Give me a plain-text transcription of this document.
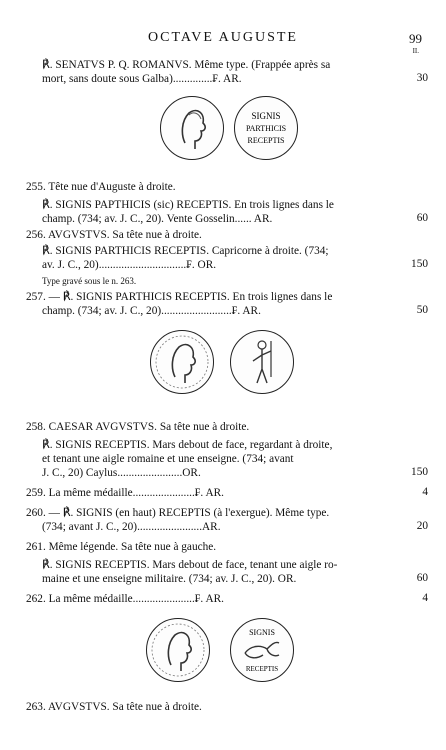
OCTAVE AUGUSTE	99
II.
℟. SENATVS P. Q. ROMANVS. Même type. (Frappée après sa
mort, sans doute sous Galba)..............₣. AR.	30
SIGNIS
PARTHICIS
RECEPTIS
255. Tête nue d'Auguste à droite.
℟. SIGNIS PAPTHICIS (sic) RECEPTIS. En trois lignes dans le
champ. (734; av. J. C., 20). Vente Gosselin...... AR.	60
256. AVGVSTVS. Sa tête nue à droite.
℟. SIGNIS PARTHICIS RECEPTIS. Capricorne à droite. (734;
av. J. C., 20)...............................₣. OR.	150
Type gravé sous le n. 263.
257. — ℟. SIGNIS PARTHICIS RECEPTIS. En trois lignes dans le
champ. (734; av. J. C., 20).........................₣. AR.	50
258. CAESAR AVGVSTVS. Sa tête nue à droite.
℟. SIGNIS RECEPTIS. Mars debout de face, regardant à droite,
et tenant une aigle romaine et une enseigne. (734; avant
J. C., 20) Caylus.......................OR.	150
259. La même médaille......................₣. AR.	4
260. — ℟. SIGNIS (en haut) RECEPTIS (à l'exergue). Même type.
(734; avant J. C., 20).......................AR.	20
261. Même légende. Sa tête nue à gauche.
℟. SIGNIS RECEPTIS. Mars debout de face, tenant une aigle ro-
maine et une enseigne militaire. (734; av. J. C., 20). OR.	60
262. La même médaille......................₣. AR.	4
SIGNIS
RECEPTIS
263. AVGVSTVS. Sa tête nue à droite.
